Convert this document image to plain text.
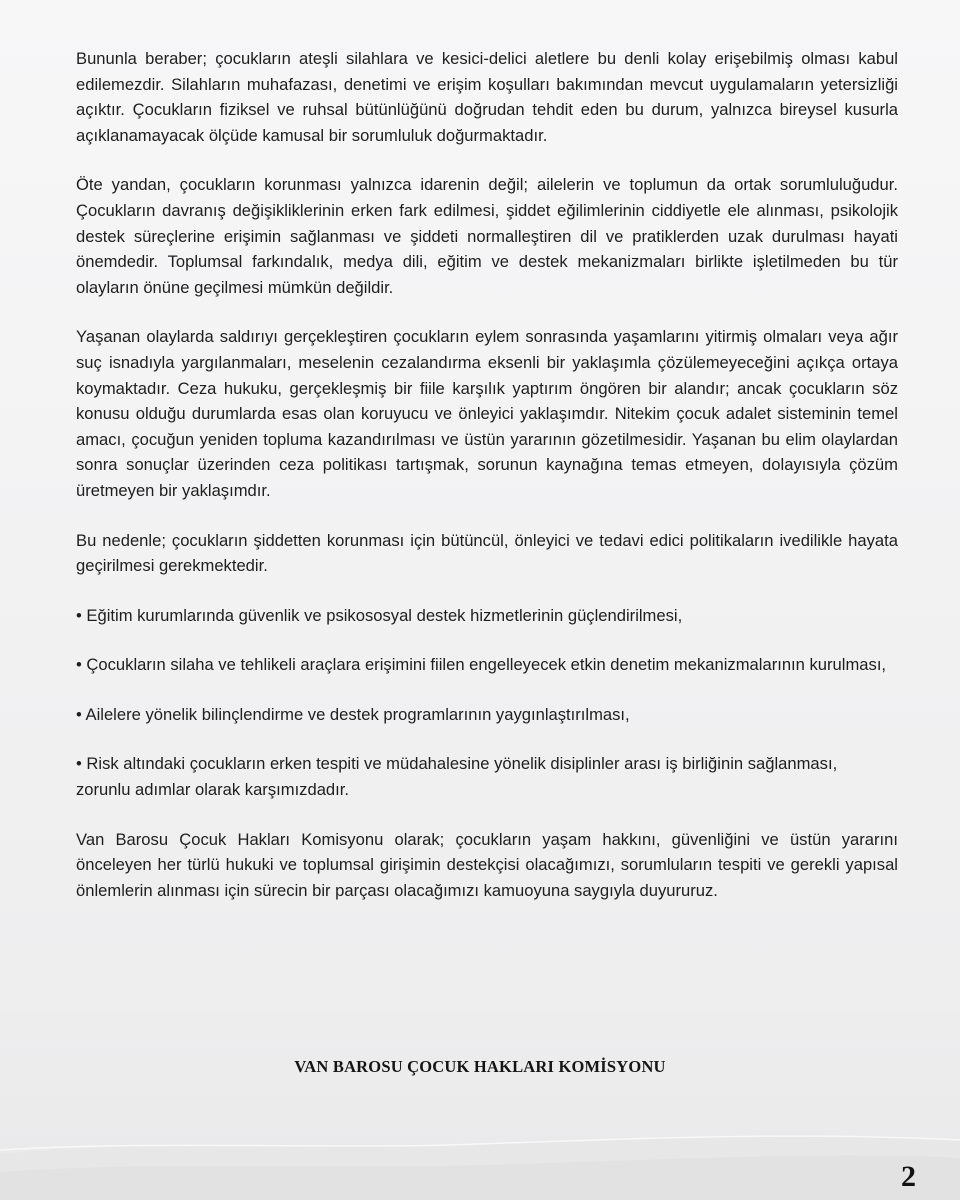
Bununla beraber; çocukların ateşli silahlara ve kesici-delici aletlere bu denli kolay erişebilmiş olması kabul edilemezdir. Silahların muhafazası, denetimi ve erişim koşulları bakımından mevcut uygulamaların yetersizliği açıktır. Çocukların fiziksel ve ruhsal bütünlüğünü doğrudan tehdit eden bu durum, yalnızca bireysel kusurla açıklanamayacak ölçüde kamusal bir sorumluluk doğurmaktadır.

Öte yandan, çocukların korunması yalnızca idarenin değil; ailelerin ve toplumun da ortak sorumluluğudur. Çocukların davranış değişikliklerinin erken fark edilmesi, şiddet eğilimlerinin ciddiyetle ele alınması, psikolojik destek süreçlerine erişimin sağlanması ve şiddeti normalleştiren dil ve pratiklerden uzak durulması hayati önemdedir. Toplumsal farkındalık, medya dili, eğitim ve destek mekanizmaları birlikte işletilmeden bu tür olayların önüne geçilmesi mümkün değildir.

Yaşanan olaylarda saldırıyı gerçekleştiren çocukların eylem sonrasında yaşamlarını yitirmiş olmaları veya ağır suç isnadıyla yargılanmaları, meselenin cezalandırma eksenli bir yaklaşımla çözülemeyeceğini açıkça ortaya koymaktadır. Ceza hukuku, gerçekleşmiş bir fiile karşılık yaptırım öngören bir alandır; ancak çocukların söz konusu olduğu durumlarda esas olan koruyucu ve önleyici yaklaşımdır. Nitekim çocuk adalet sisteminin temel amacı, çocuğun yeniden topluma kazandırılması ve üstün yararının gözetilmesidir. Yaşanan bu elim olaylardan sonra sonuçlar üzerinden ceza politikası tartışmak, sorunun kaynağına temas etmeyen, dolayısıyla çözüm üretmeyen bir yaklaşımdır.

Bu nedenle; çocukların şiddetten korunması için bütüncül, önleyici ve tedavi edici politikaların ivedilikle hayata geçirilmesi gerekmektedir.

• Eğitim kurumlarında güvenlik ve psikososyal destek hizmetlerinin güçlendirilmesi,

• Çocukların silaha ve tehlikeli araçlara erişimini fiilen engelleyecek etkin denetim mekanizmalarının kurulması,

• Ailelere yönelik bilinçlendirme ve destek programlarının yaygınlaştırılması,

• Risk altındaki çocukların erken tespiti ve müdahalesine yönelik disiplinler arası iş birliğinin sağlanması,
zorunlu adımlar olarak karşımızdadır.

Van Barosu Çocuk Hakları Komisyonu olarak; çocukların yaşam hakkını, güvenliğini ve üstün yararını önceleyen her türlü hukuki ve toplumsal girişimin destekçisi olacağımızı, sorumluların tespiti ve gerekli yapısal önlemlerin alınması için sürecin bir parçası olacağımızı kamuoyuna saygıyla duyururuz.

VAN BAROSU ÇOCUK HAKLARI KOMİSYONU
2
